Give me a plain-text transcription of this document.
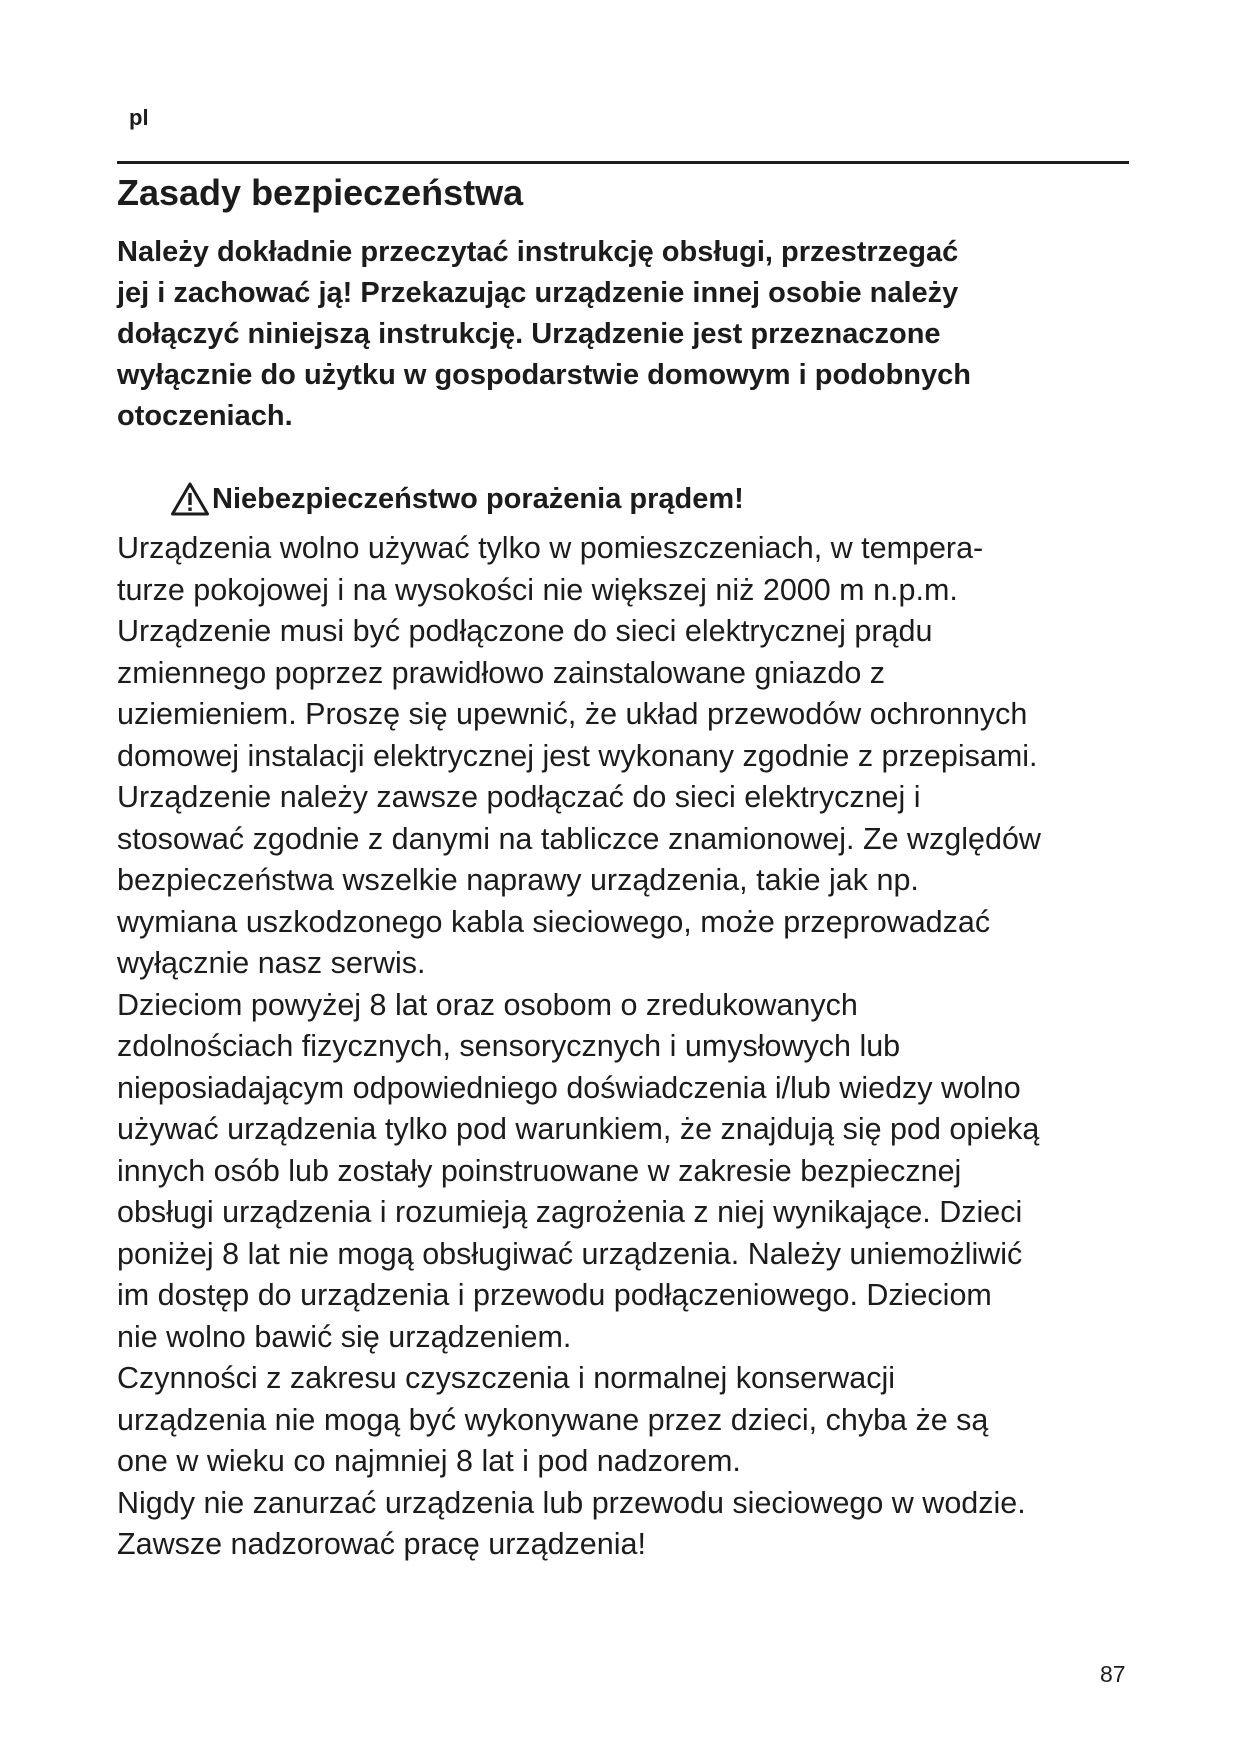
pl
Zasady bezpieczeństwa

Należy dokładnie przeczytać instrukcję obsługi, przestrzegać
jej i zachować ją! Przekazując urządzenie innej osobie należy
dołączyć niniejszą instrukcję. Urządzenie jest przeznaczone
wyłącznie do użytku w gospodarstwie domowym i podobnych
otoczeniach.

Niebezpieczeństwo porażenia prądem!

Urządzenia wolno używać tylko w pomieszczeniach, w tempera-
turze pokojowej i na wysokości nie większej niż 2000 m n.p.m.
Urządzenie musi być podłączone do sieci elektrycznej prądu
zmiennego poprzez prawidłowo zainstalowane gniazdo z
uziemieniem. Proszę się upewnić, że układ przewodów ochronnych
domowej instalacji elektrycznej jest wykonany zgodnie z przepisami.
Urządzenie należy zawsze podłączać do sieci elektrycznej i
stosować zgodnie z danymi na tabliczce znamionowej. Ze względów
bezpieczeństwa wszelkie naprawy urządzenia, takie jak np.
wymiana uszkodzonego kabla sieciowego, może przeprowadzać
wyłącznie nasz serwis.
Dzieciom powyżej 8 lat oraz osobom o zredukowanych
zdolnościach fizycznych, sensorycznych i umysłowych lub
nieposiadającym odpowiedniego doświadczenia i/lub wiedzy wolno
używać urządzenia tylko pod warunkiem, że znajdują się pod opieką
innych osób lub zostały poinstruowane w zakresie bezpiecznej
obsługi urządzenia i rozumieją zagrożenia z niej wynikające. Dzieci
poniżej 8 lat nie mogą obsługiwać urządzenia. Należy uniemożliwić
im dostęp do urządzenia i przewodu podłączeniowego. Dzieciom
nie wolno bawić się urządzeniem.
Czynności z zakresu czyszczenia i normalnej konserwacji
urządzenia nie mogą być wykonywane przez dzieci, chyba że są
one w wieku co najmniej 8 lat i pod nadzorem.
Nigdy nie zanurzać urządzenia lub przewodu sieciowego w wodzie.
Zawsze nadzorować pracę urządzenia!

87
